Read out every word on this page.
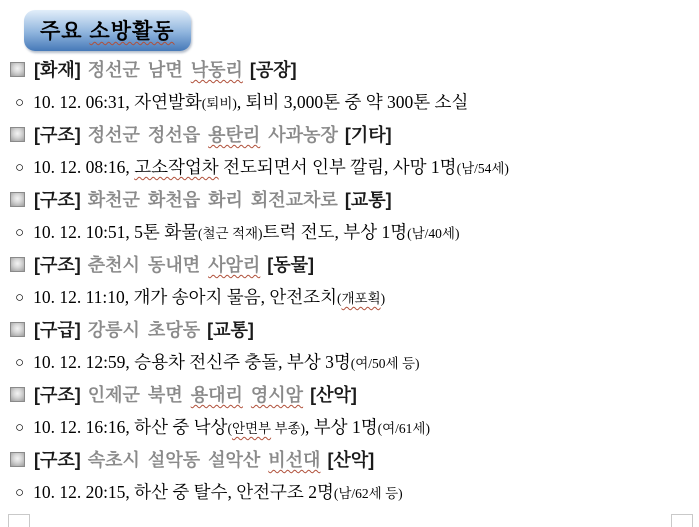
주요 소방활동
[화재] 정선군 남면 낙동리 [공장]
○ 10. 12. 06:31, 자연발화(퇴비), 퇴비 3,000톤 중 약 300톤 소실
[구조] 정선군 정선읍 용탄리 사과농장 [기타]
○ 10. 12. 08:16, 고소작업차 전도되면서 인부 깔림, 사망 1명(남/54세)
[구조] 화천군 화천읍 화리 회전교차로 [교통]
○ 10. 12. 10:51, 5톤 화물(철근 적재)트럭 전도, 부상 1명(남/40세)
[구조] 춘천시 동내면 사암리 [동물]
○ 10. 12. 11:10, 개가 송아지 물음, 안전조치(개포획)
[구급] 강릉시 초당동 [교통]
○ 10. 12. 12:59, 승용차 전신주 충돌, 부상 3명(여/50세 등)
[구조] 인제군 북면 용대리 영시암 [산악]
○ 10. 12. 16:16, 하산 중 낙상(안면부 부종), 부상 1명(여/61세)
[구조] 속초시 설악동 설악산 비선대 [산악]
○ 10. 12. 20:15, 하산 중 탈수, 안전구조 2명(남/62세 등)
